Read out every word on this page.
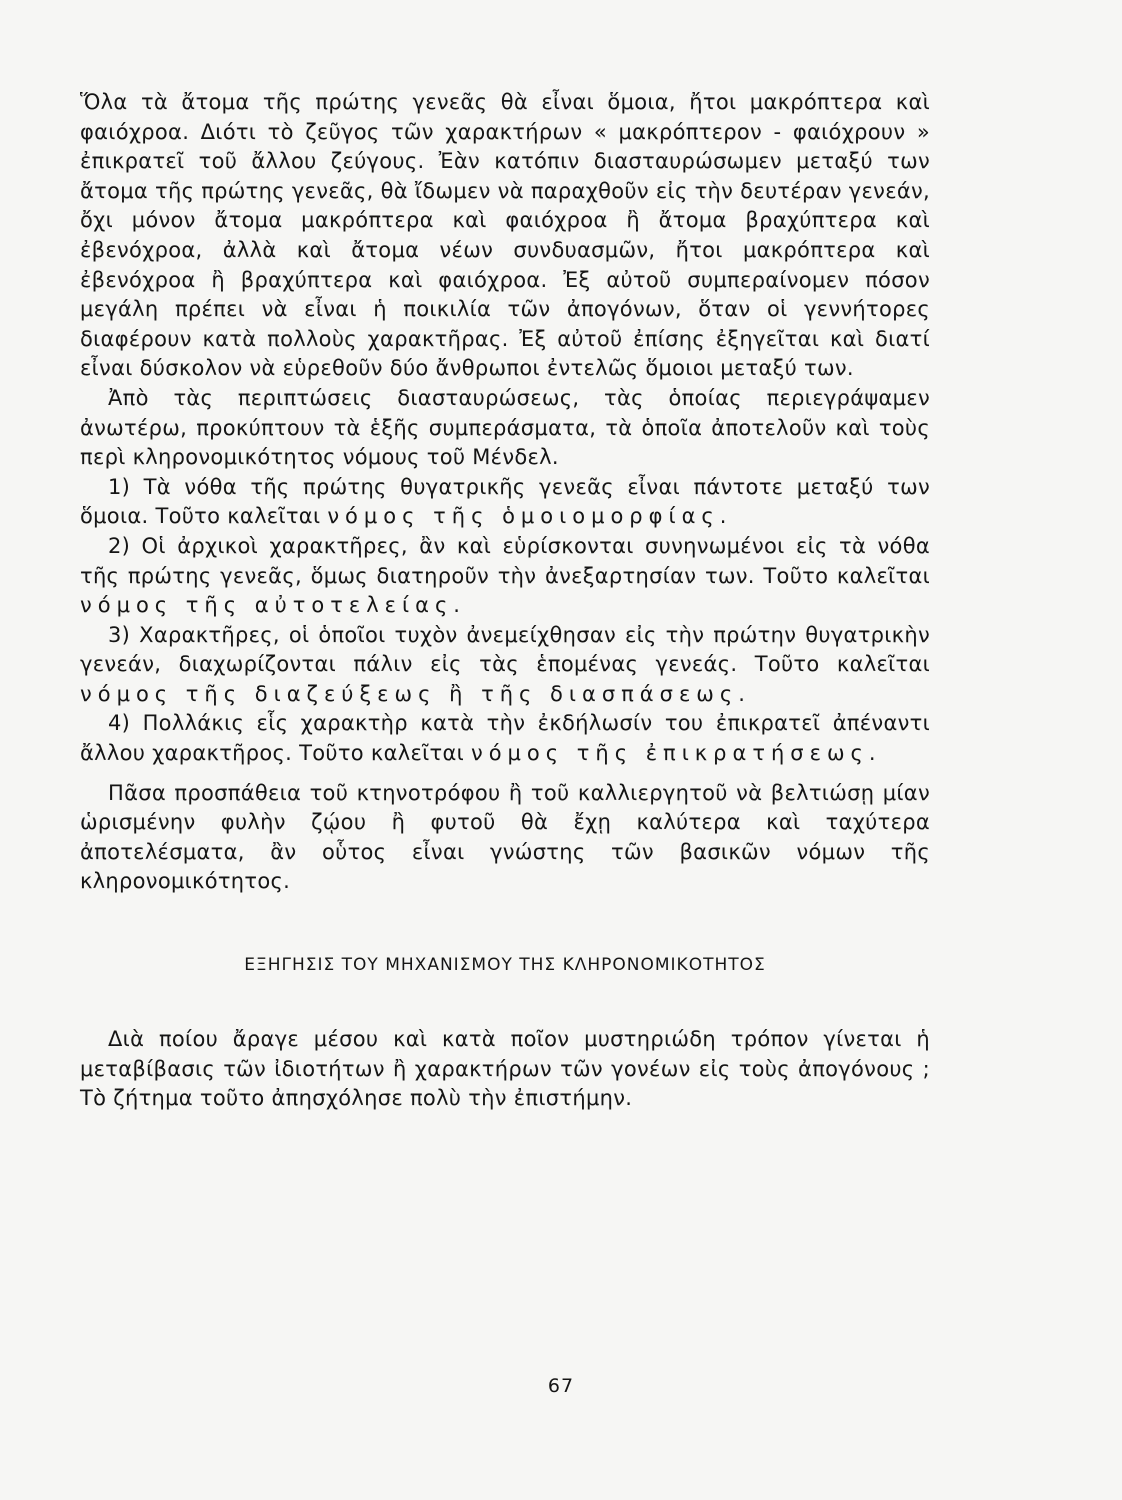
Ὅλα τὰ ἄτομα τῆς πρώτης γενεᾶς θὰ εἶναι ὅμοια, ἤτοι μακρόπτερα καὶ φαιόχροα. Διότι τὸ ζεῦγος τῶν χαρακτήρων « μακρόπτερον - φαιόχρουν » ἐπικρατεῖ τοῦ ἄλλου ζεύγους. Ἐὰν κατόπιν διασταυρώσωμεν μεταξύ των ἄτομα τῆς πρώτης γενεᾶς, θὰ ἴδωμεν νὰ παραχθοῦν εἰς τὴν δευτέραν γενεάν, ὄχι μόνον ἄτομα μακρόπτερα καὶ φαιόχροα ἢ ἄτομα βραχύπτερα καὶ ἐβενόχροα, ἀλλὰ καὶ ἄτομα νέων συνδυασμῶν, ἤτοι μακρόπτερα καὶ ἐβενόχροα ἢ βραχύπτερα καὶ φαιόχροα. Ἐξ αὐτοῦ συμπεραίνομεν πόσον μεγάλη πρέπει νὰ εἶναι ἡ ποικιλία τῶν ἀπογόνων, ὅταν οἱ γεννήτορες διαφέρουν κατὰ πολλοὺς χαρακτῆρας. Ἐξ αὐτοῦ ἐπίσης ἐξηγεῖται καὶ διατί εἶναι δύσκολον νὰ εὑρεθοῦν δύο ἄνθρωποι ἐντελῶς ὅμοιοι μεταξύ των.

Ἀπὸ τὰς περιπτώσεις διασταυρώσεως, τὰς ὁποίας περιεγράψαμεν ἀνωτέρω, προκύπτουν τὰ ἑξῆς συμπεράσματα, τὰ ὁποῖα ἀποτελοῦν καὶ τοὺς περὶ κληρονομικότητος νόμους τοῦ Μένδελ.

1) Τὰ νόθα τῆς πρώτης θυγατρικῆς γενεᾶς εἶναι πάντοτε μεταξύ των ὅμοια. Τοῦτο καλεῖται νόμος τῆς ὁμοιομορφίας.

2) Οἱ ἀρχικοὶ χαρακτῆρες, ἂν καὶ εὑρίσκονται συνηνωμένοι εἰς τὰ νόθα τῆς πρώτης γενεᾶς, ὅμως διατηροῦν τὴν ἀνεξαρτησίαν των. Τοῦτο καλεῖται νόμος τῆς αὐτοτελείας.

3) Χαρακτῆρες, οἱ ὁποῖοι τυχὸν ἀνεμείχθησαν εἰς τὴν πρώτην θυγατρικὴν γενεάν, διαχωρίζονται πάλιν εἰς τὰς ἑπομένας γενεάς. Τοῦτο καλεῖται νόμος τῆς διαζεύξεως ἢ τῆς διασπάσεως.

4) Πολλάκις εἷς χαρακτὴρ κατὰ τὴν ἐκδήλωσίν του ἐπικρατεῖ ἀπέναντι ἄλλου χαρακτῆρος. Τοῦτο καλεῖται νόμος τῆς ἐπικρατήσεως.

Πᾶσα προσπάθεια τοῦ κτηνοτρόφου ἢ τοῦ καλλιεργητοῦ νὰ βελτιώσῃ μίαν ὡρισμένην φυλὴν ζῴου ἢ φυτοῦ θὰ ἔχῃ καλύτερα καὶ ταχύτερα ἀποτελέσματα, ἂν οὗτος εἶναι γνώστης τῶν βασικῶν νόμων τῆς κληρονομικότητος.

ΕΞΗΓΗΣΙΣ ΤΟΥ ΜΗΧΑΝΙΣΜΟΥ ΤΗΣ ΚΛΗΡΟΝΟΜΙΚΟΤΗΤΟΣ

Διὰ ποίου ἄραγε μέσου καὶ κατὰ ποῖον μυστηριώδη τρόπον γίνεται ἡ μεταβίβασις τῶν ἰδιοτήτων ἢ χαρακτήρων τῶν γονέων εἰς τοὺς ἀπογόνους ; Τὸ ζήτημα τοῦτο ἀπησχόλησε πολὺ τὴν ἐπιστήμην.

67
